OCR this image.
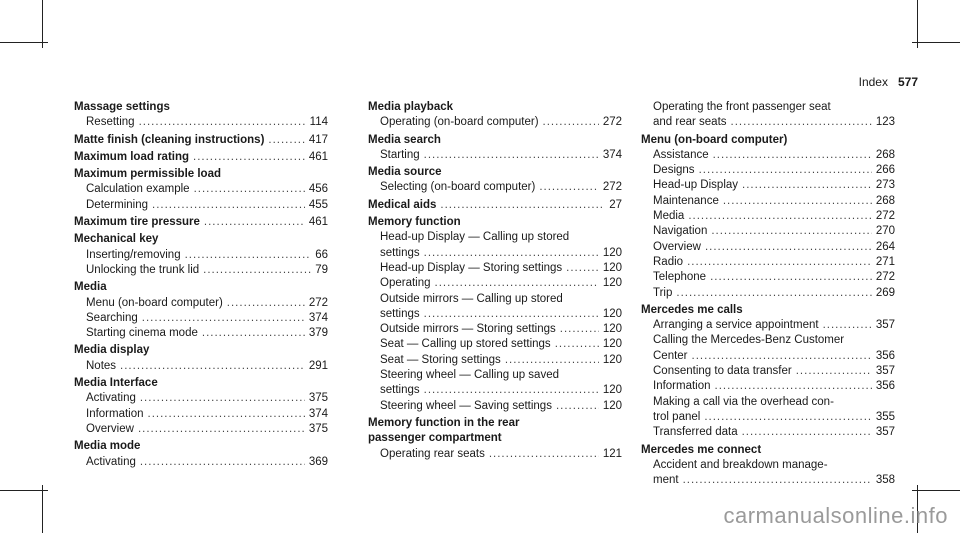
Index 577
Massage settings
Resetting .....	114
Matte finish (cleaning instructions) .....	417
Maximum load rating .....	461
Maximum permissible load
Calculation example .....	456
Determining .....	455
Maximum tire pressure .....	461
Mechanical key
Inserting/removing .....	66
Unlocking the trunk lid .....	79
Media
Menu (on-board computer) .....	272
Searching .....	374
Starting cinema mode .....	379
Media display
Notes .....	291
Media Interface
Activating .....	375
Information .....	374
Overview .....	375
Media mode
Activating .....	369
Media playback
Operating (on-board computer) .....	272
Media search
Starting .....	374
Media source
Selecting (on-board computer) .....	272
Medical aids .....	27
Memory function
Head-up Display — Calling up stored
settings .....	120
Head-up Display — Storing settings .....	120
Operating .....	120
Outside mirrors — Calling up stored
settings .....	120
Outside mirrors — Storing settings .....	120
Seat — Calling up stored settings .....	120
Seat — Storing settings .....	120
Steering wheel — Calling up saved
settings .....	120
Steering wheel — Saving settings .....	120
Memory function in the rear
passenger compartment
Operating rear seats .....	121
Operating the front passenger seat
and rear seats .....	123
Menu (on-board computer)
Assistance .....	268
Designs .....	266
Head-up Display .....	273
Maintenance .....	268
Media .....	272
Navigation .....	270
Overview .....	264
Radio .....	271
Telephone .....	272
Trip .....	269
Mercedes me calls
Arranging a service appointment .....	357
Calling the Mercedes-Benz Customer
Center .....	356
Consenting to data transfer .....	357
Information .....	356
Making a call via the overhead con-
trol panel .....	355
Transferred data .....	357
Mercedes me connect
Accident and breakdown manage-
ment .....	358
carmanualsonline.info
